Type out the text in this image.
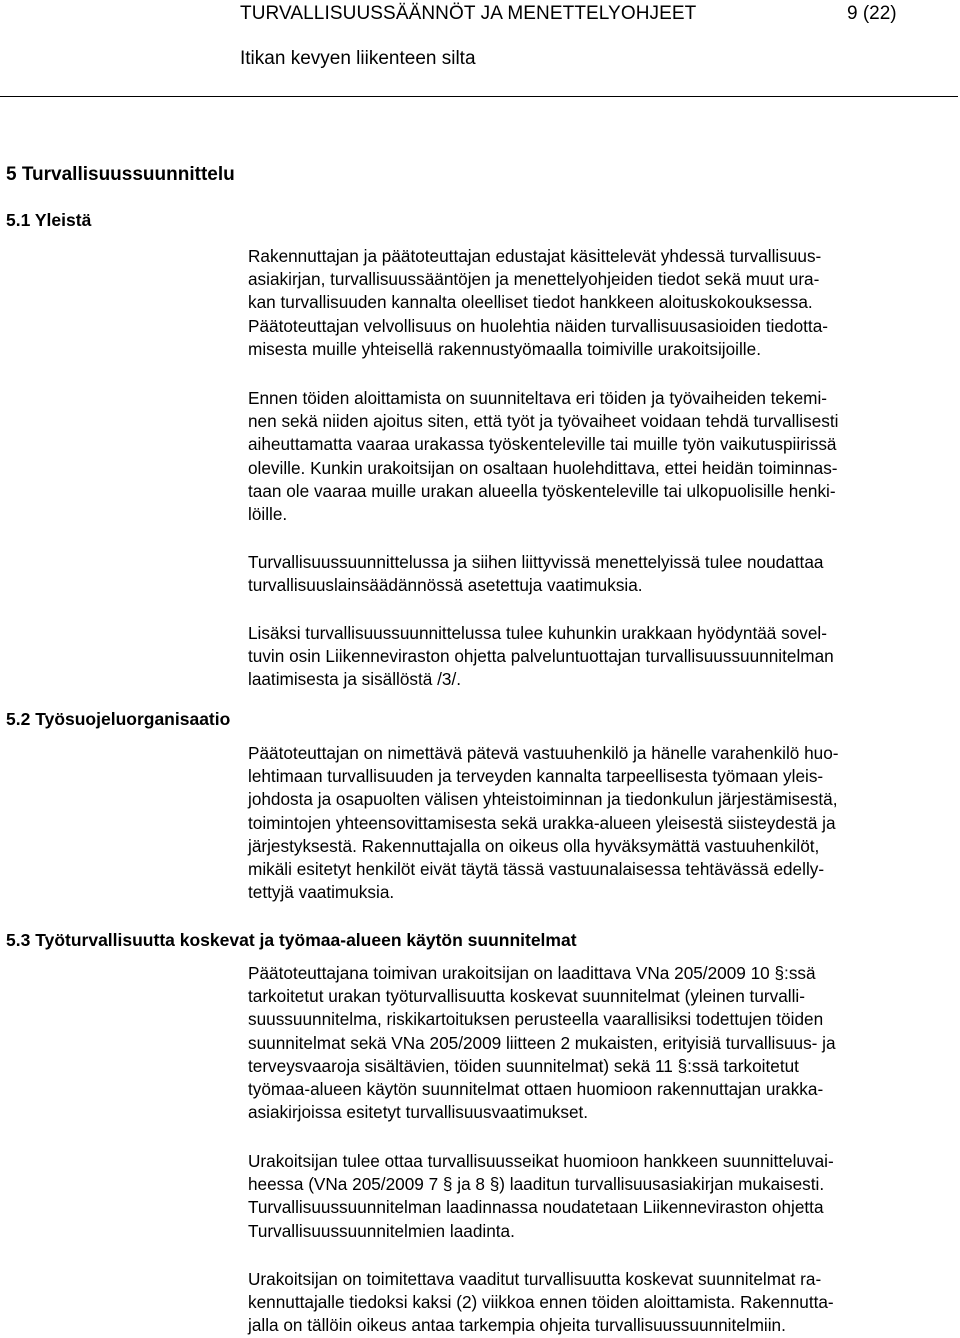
TURVALLISUUSSÄÄNNÖT JA MENETTELYOHJEET	9 (22)
Itikan kevyen liikenteen silta
5 Turvallisuussuunnittelu
5.1 Yleistä
Rakennuttajan ja päätoteuttajan edustajat käsittelevät yhdessä turvallisuus-
asiakirjan, turvallisuussääntöjen ja menettelyohjeiden tiedot sekä muut ura-
kan turvallisuuden kannalta oleelliset tiedot hankkeen aloituskokouksessa.
Päätoteuttajan velvollisuus on huolehtia näiden turvallisuusasioiden tiedotta-
misesta muille yhteisellä rakennustyömaalla toimiville urakoitsijoille.
Ennen töiden aloittamista on suunniteltava eri töiden ja työvaiheiden tekemi-
nen sekä niiden ajoitus siten, että työt ja työvaiheet voidaan tehdä turvallisesti
aiheuttamatta vaaraa urakassa työskenteleville tai muille työn vaikutuspiirissä
oleville. Kunkin urakoitsijan on osaltaan huolehdittava, ettei heidän toiminnas-
taan ole vaaraa muille urakan alueella työskenteleville tai ulkopuolisille henki-
löille.
Turvallisuussuunnittelussa ja siihen liittyvissä menettelyissä tulee noudattaa
turvallisuuslainsäädännössä asetettuja vaatimuksia.
Lisäksi turvallisuussuunnittelussa tulee kuhunkin urakkaan hyödyntää sovel-
tuvin osin Liikenneviraston ohjetta palveluntuottajan turvallisuussuunnitelman
laatimisesta ja sisällöstä /3/.
5.2 Työsuojeluorganisaatio
Päätoteuttajan on nimettävä pätevä vastuuhenkilö ja hänelle varahenkilö huo-
lehtimaan turvallisuuden ja terveyden kannalta tarpeellisesta työmaan yleis-
johdosta ja osapuolten välisen yhteistoiminnan ja tiedonkulun järjestämisestä,
toimintojen yhteensovittamisesta sekä urakka-alueen yleisestä siisteydestä ja
järjestyksestä. Rakennuttajalla on oikeus olla hyväksymättä vastuuhenkilöt,
mikäli esitetyt henkilöt eivät täytä tässä vastuunalaisessa tehtävässä edelly-
tettyjä vaatimuksia.
5.3 Työturvallisuutta koskevat ja työmaa-alueen käytön suunnitelmat
Päätoteuttajana toimivan urakoitsijan on laadittava VNa 205/2009 10 §:ssä
tarkoitetut urakan työturvallisuutta koskevat suunnitelmat (yleinen turvalli-
suussuunnitelma, riskikartoituksen perusteella vaarallisiksi todettujen töiden
suunnitelmat sekä VNa 205/2009 liitteen 2 mukaisten, erityisiä turvallisuus- ja
terveysvaaroja sisältävien, töiden suunnitelmat) sekä 11 §:ssä tarkoitetut
työmaa-alueen käytön suunnitelmat ottaen huomioon rakennuttajan urakka-
asiakirjoissa esitetyt turvallisuusvaatimukset.
Urakoitsijan tulee ottaa turvallisuusseikat huomioon hankkeen suunnitteluvai-
heessa (VNa 205/2009 7 § ja 8 §) laaditun turvallisuusasiakirjan mukaisesti.
Turvallisuussuunnitelman laadinnassa noudatetaan Liikenneviraston ohjetta
Turvallisuussuunnitelmien laadinta.
Urakoitsijan on toimitettava vaaditut turvallisuutta koskevat suunnitelmat ra-
kennuttajalle tiedoksi kaksi (2) viikkoa ennen töiden aloittamista. Rakennutta-
jalla on tällöin oikeus antaa tarkempia ohjeita turvallisuussuunnitelmiin.
